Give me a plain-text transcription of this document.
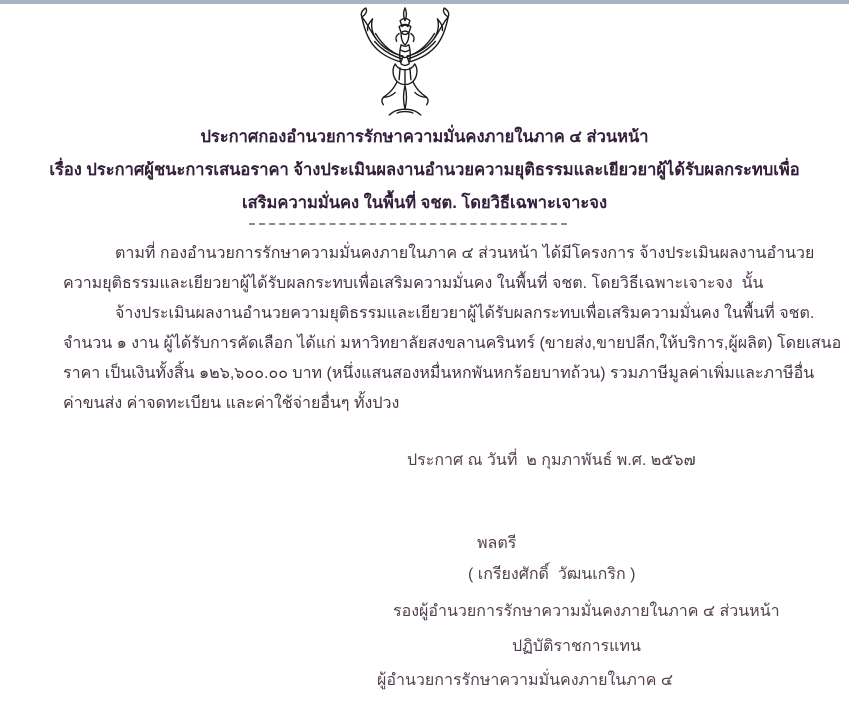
ประกาศกองอำนวยการรักษาความมั่นคงภายในภาค ๔ ส่วนหน้า
เรื่อง ประกาศผู้ชนะการเสนอราคา จ้างประเมินผลงานอำนวยความยุติธรรมและเยียวยาผู้ได้รับผลกระทบเพื่อ
เสริมความมั่นคง ในพื้นที่ จชต. โดยวิธีเฉพาะเจาะจง
ตามที่ กองอำนวยการรักษาความมั่นคงภายในภาค ๔ ส่วนหน้า ได้มีโครงการ จ้างประเมินผลงานอำนวย
ความยุติธรรมและเยียวยาผู้ได้รับผลกระทบเพื่อเสริมความมั่นคง ในพื้นที่ จชต. โดยวิธีเฉพาะเจาะจง  นั้น
จ้างประเมินผลงานอำนวยความยุติธรรมและเยียวยาผู้ได้รับผลกระทบเพื่อเสริมความมั่นคง ในพื้นที่ จชต.
จำนวน ๑ งาน ผู้ได้รับการคัดเลือก ได้แก่ มหาวิทยาลัยสงขลานครินทร์ (ขายส่ง,ขายปลีก,ให้บริการ,ผู้ผลิต) โดยเสนอ
ราคา เป็นเงินทั้งสิ้น ๑๒๖,๖๐๐.๐๐ บาท (หนึ่งแสนสองหมื่นหกพันหกร้อยบาทถ้วน) รวมภาษีมูลค่าเพิ่มและภาษีอื่น
ค่าขนส่ง ค่าจดทะเบียน และค่าใช้จ่ายอื่นๆ ทั้งปวง
ประกาศ ณ วันที่  ๒ กุมภาพันธ์ พ.ศ. ๒๕๖๗
พลตรี
( เกรียงศักดิ์  วัฒนเกริก )
รองผู้อำนวยการรักษาความมั่นคงภายในภาค ๔ ส่วนหน้า
ปฏิบัติราชการแทน
ผู้อำนวยการรักษาความมั่นคงภายในภาค ๔
